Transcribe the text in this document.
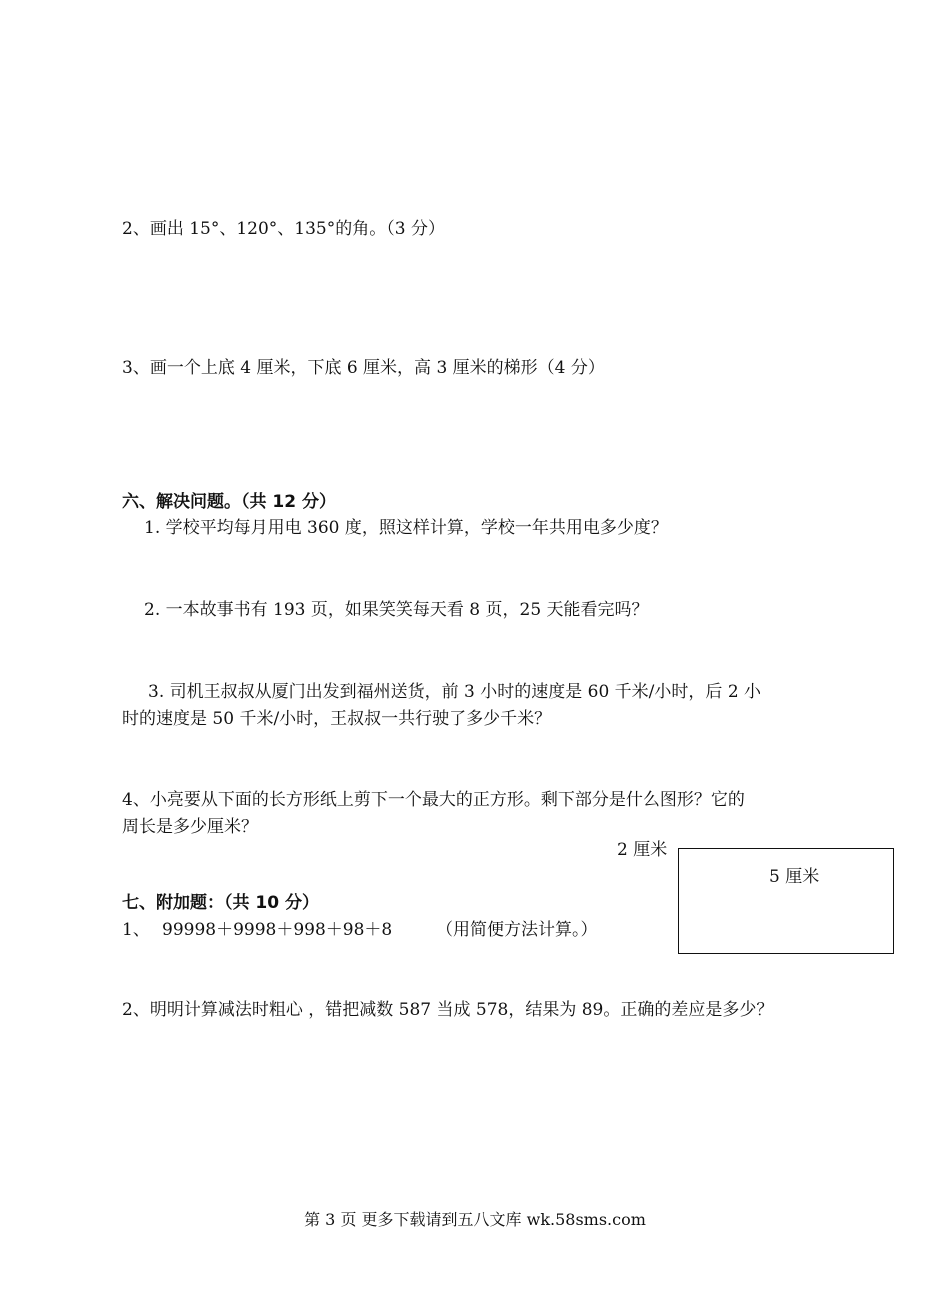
2、画出 15°、120°、135°的角。（3 分）
3、画一个上底 4 厘米，下底 6 厘米，高 3 厘米的梯形（4 分）
六、解决问题。（共 12 分）
1. 学校平均每月用电 360 度，照这样计算，学校一年共用电多少度？
2. 一本故事书有 193 页，如果笑笑每天看 8 页，25 天能看完吗？
3. 司机王叔叔从厦门出发到福州送货，前 3 小时的速度是 60 千米/小时，后 2 小
时的速度是 50 千米/小时，王叔叔一共行驶了多少千米？
4、小亮要从下面的长方形纸上剪下一个最大的正方形。剩下部分是什么图形？它的
周长是多少厘米？
2 厘米
5 厘米
七、附加题：（共 10 分）
1、 99998＋9998＋998＋98＋8	（用简便方法计算。）
2、明明计算减法时粗心 ，错把减数 587 当成 578，结果为 89。正确的差应是多少？
第 3 页 更多下载请到五八文库 wk.58sms.com
